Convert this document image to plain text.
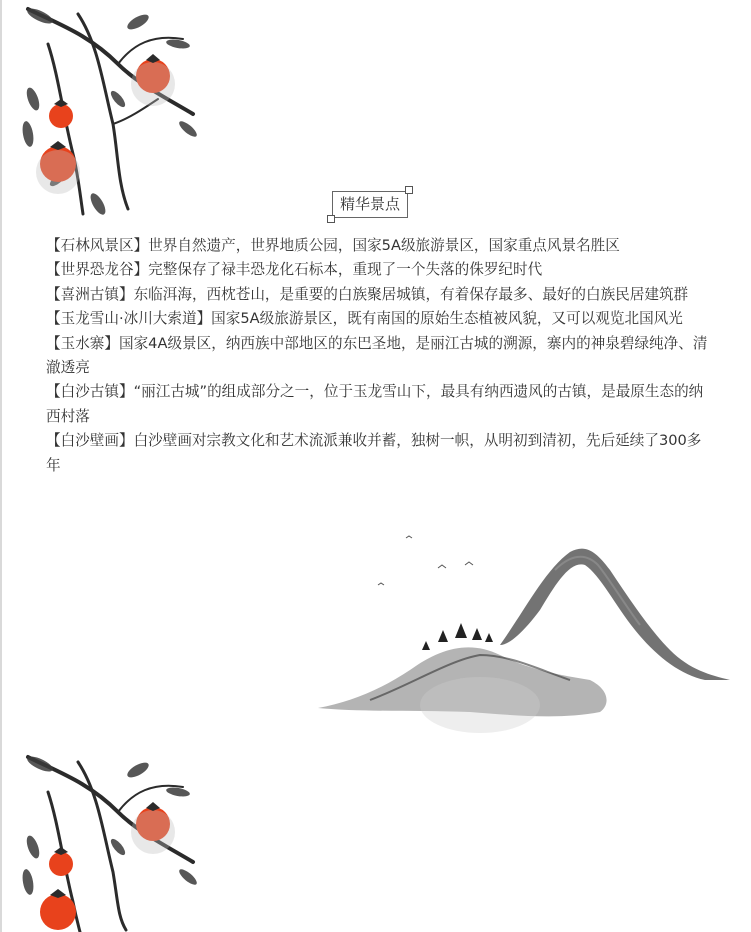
精华景点

【石林风景区】世界自然遗产，世界地质公园，国家5A级旅游景区，国家重点风景名胜区

【世界恐龙谷】完整保存了禄丰恐龙化石标本，重现了一个失落的侏罗纪时代

【喜洲古镇】东临洱海，西枕苍山，是重要的白族聚居城镇，有着保存最多、最好的白族民居建筑群

【玉龙雪山·冰川大索道】国家5A级旅游景区，既有南国的原始生态植被风貌，又可以观览北国风光

【玉水寨】国家4A级景区，纳西族中部地区的东巴圣地，是丽江古城的溯源，寨内的神泉碧绿纯净、清澈透亮

【白沙古镇】“丽江古城”的组成部分之一，位于玉龙雪山下，最具有纳西遗风的古镇，是最原生态的纳西村落

【白沙壁画】白沙壁画对宗教文化和艺术流派兼收并蓄，独树一帜，从明初到清初，先后延续了300多年
